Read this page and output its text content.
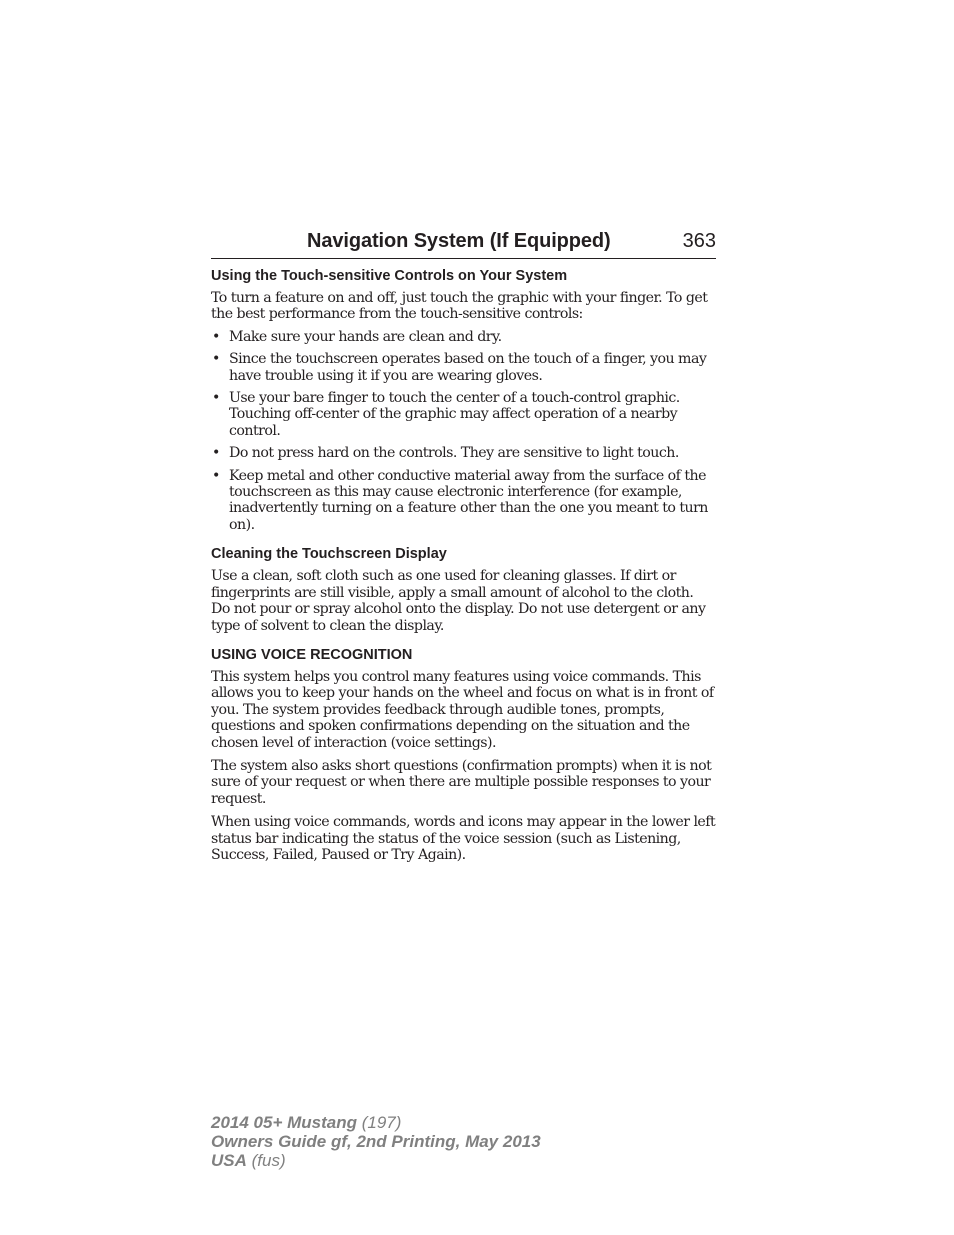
Navigation System (If Equipped)	363
Using the Touch-sensitive Controls on Your System

To turn a feature on and off, just touch the graphic with your finger. To get the best performance from the touch-sensitive controls:

• Make sure your hands are clean and dry.
• Since the touchscreen operates based on the touch of a finger, you may have trouble using it if you are wearing gloves.
• Use your bare finger to touch the center of a touch-control graphic. Touching off-center of the graphic may affect operation of a nearby control.
• Do not press hard on the controls. They are sensitive to light touch.
• Keep metal and other conductive material away from the surface of the touchscreen as this may cause electronic interference (for example, inadvertently turning on a feature other than the one you meant to turn on).
Cleaning the Touchscreen Display

Use a clean, soft cloth such as one used for cleaning glasses. If dirt or fingerprints are still visible, apply a small amount of alcohol to the cloth. Do not pour or spray alcohol onto the display. Do not use detergent or any type of solvent to clean the display.

USING VOICE RECOGNITION

This system helps you control many features using voice commands. This allows you to keep your hands on the wheel and focus on what is in front of you. The system provides feedback through audible tones, prompts, questions and spoken confirmations depending on the situation and the chosen level of interaction (voice settings).

The system also asks short questions (confirmation prompts) when it is not sure of your request or when there are multiple possible responses to your request.

When using voice commands, words and icons may appear in the lower left status bar indicating the status of the voice session (such as Listening, Success, Failed, Paused or Try Again).

2014 05+ Mustang (197)
Owners Guide gf, 2nd Printing, May 2013
USA (fus)
